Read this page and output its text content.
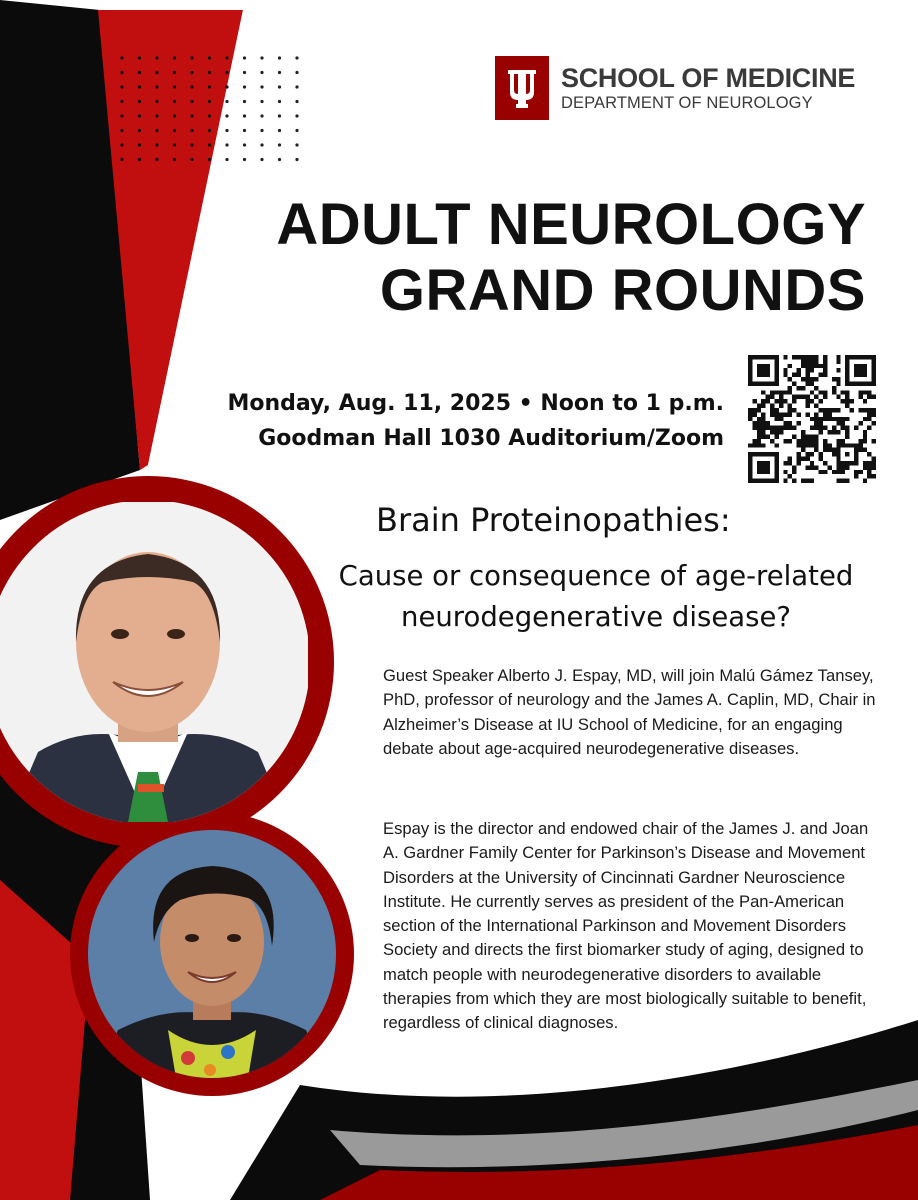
SCHOOL OF MEDICINE
DEPARTMENT OF NEUROLOGY
ADULT NEUROLOGY
GRAND ROUNDS
Monday, Aug. 11, 2025 • Noon to 1 p.m.
Goodman Hall 1030 Auditorium/Zoom
Brain Proteinopathies:
Cause or consequence of age-related
neurodegenerative disease?
Guest Speaker Alberto J. Espay, MD, will join Malú Gámez Tansey, PhD, professor of neurology and the James A. Caplin, MD, Chair in Alzheimer’s Disease at IU School of Medicine, for an engaging debate about age-acquired neurodegenerative diseases.
Espay is the director and endowed chair of the James J. and Joan A. Gardner Family Center for Parkinson’s Disease and Movement Disorders at the University of Cincinnati Gardner Neuroscience Institute. He currently serves as president of the Pan-American section of the International Parkinson and Movement Disorders Society and directs the first biomarker study of aging, designed to match people with neurodegenerative disorders to available therapies from which they are most biologically suitable to benefit, regardless of clinical diagnoses.
